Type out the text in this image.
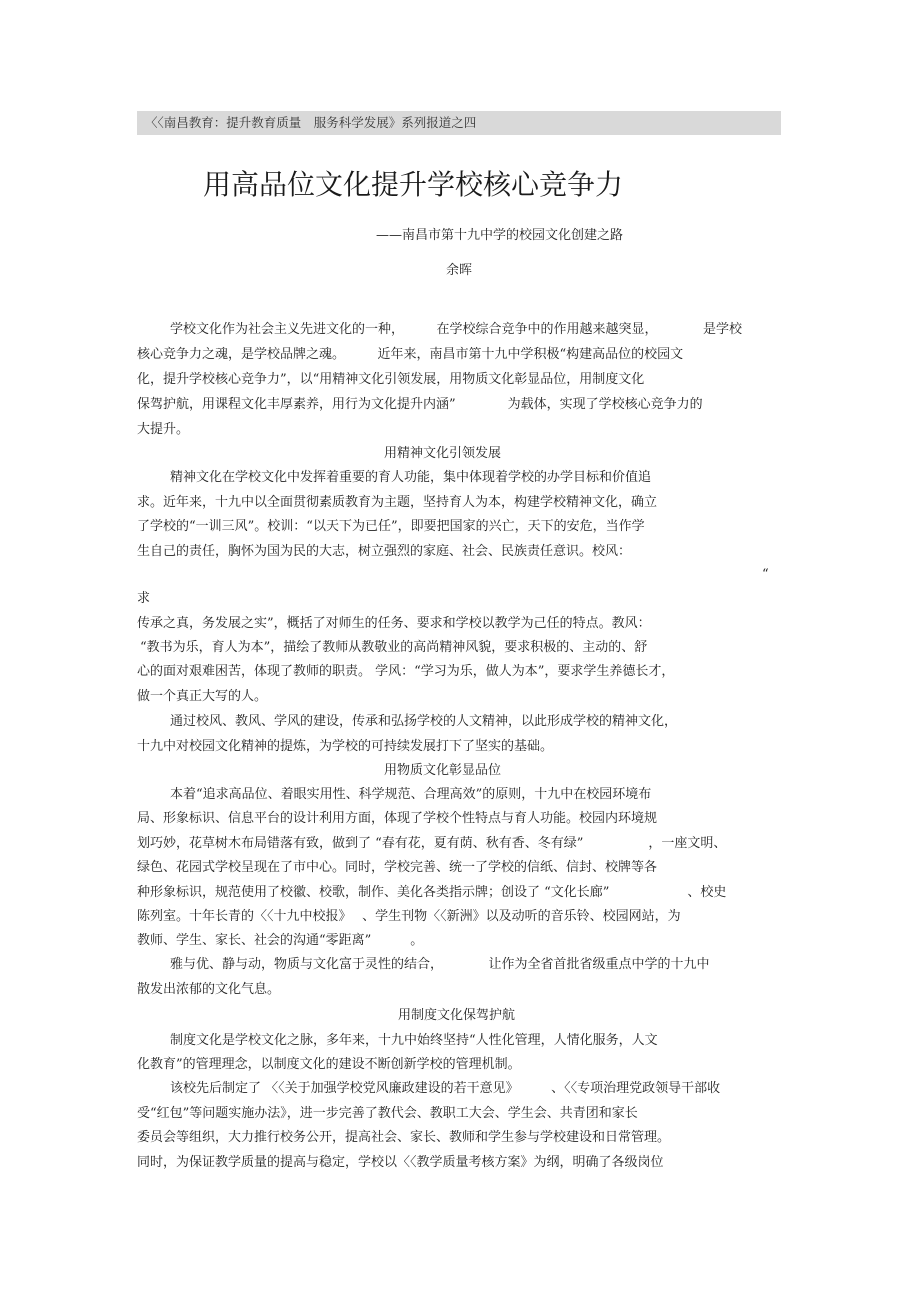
〈〈南昌教育：提升教育质量　服务科学发展》系列报道之四
用高品位文化提升学校核心竞争力
——南昌市第十九中学的校园文化创建之路
余晖
学校文化作为社会主义先进文化的一种，　　　在学校综合竞争中的作用越来越突显，　　　　是学校
核心竞争力之魂，是学校品牌之魂。　　　近年来，南昌市第十九中学积极“构建高品位的校园文
化，提升学校核心竞争力”，以“用精神文化引领发展，用物质文化彰显品位，用制度文化
保驾护航，用课程文化丰厚素养，用行为文化提升内涵”　　　　为载体，实现了学校核心竞争力的
大提升。
用精神文化引领发展
精神文化在学校文化中发挥着重要的育人功能，集中体现着学校的办学目标和价值追
求。近年来，十九中以全面贯彻素质教育为主题，坚持育人为本，构建学校精神文化，确立
了学校的“一训三风”。校训：“以天下为已任”，即要把国家的兴亡，天下的安危，当作学
生自己的责任，胸怀为国为民的大志，树立强烈的家庭、社会、民族责任意识。校风：
“
求
传承之真，务发展之实”，概括了对师生的任务、要求和学校以教学为己任的特点。教风：
“教书为乐，育人为本”，描绘了教师从教敬业的高尚精神风貌，要求积极的、主动的、舒
心的面对艰难困苦，体现了教师的职责。 学风：“学习为乐，做人为本”，要求学生养德长才，
做一个真正大写的人。
通过校风、教风、学风的建设，传承和弘扬学校的人文精神，以此形成学校的精神文化，
十九中对校园文化精神的提炼，为学校的可持续发展打下了坚实的基础。
用物质文化彰显品位
本着“追求高品位、着眼实用性、科学规范、合理高效”的原则，十九中在校园环境布
局、形象标识、信息平台的设计利用方面，体现了学校个性特点与育人功能。校园内环境规
划巧妙，花草树木布局错落有致，做到了 “春有花，夏有荫、秋有香、冬有绿”　　　　　，一座文明、
绿色、花园式学校呈现在了市中心。同时，学校完善、统一了学校的信纸、信封、校牌等各
种形象标识，规范使用了校徽、校歌，制作、美化各类指示牌；创设了 “文化长廊”　　　　　　、校史
陈列室。十年长青的〈〈十九中校报》　 、学生刊物〈〈新洲》以及动听的音乐铃、校园网站，为
教师、学生、家长、社会的沟通“零距离”　　　。
雅与优、静与动，物质与文化富于灵性的结合，　　　　让作为全省首批省级重点中学的十九中
散发出浓郁的文化气息。
用制度文化保驾护航
制度文化是学校文化之脉，多年来，十九中始终坚持“人性化管理，人情化服务，人文
化教育”的管理理念，以制度文化的建设不断创新学校的管理机制。
该校先后制定了 〈〈关于加强学校党风廉政建设的若干意见》　　　、〈〈专项治理党政领导干部收
受“红包”等问题实施办法》，进一步完善了教代会、教职工大会、学生会、共青团和家长
委员会等组织，大力推行校务公开，提高社会、家长、教师和学生参与学校建设和日常管理。
同时，为保证教学质量的提高与稳定，学校以〈〈教学质量考核方案》为纲，明确了各级岗位
